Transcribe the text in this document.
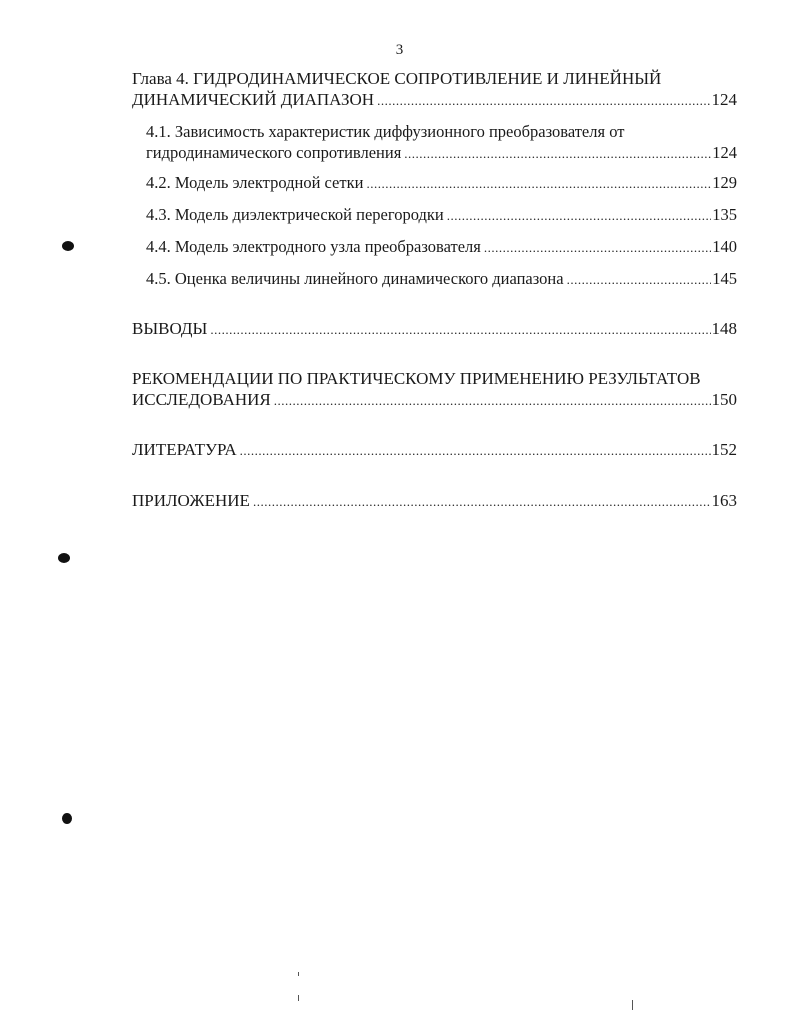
3
Глава 4. ГИДРОДИНАМИЧЕСКОЕ СОПРОТИВЛЕНИЕ И ЛИНЕЙНЫЙ
ДИНАМИЧЕСКИЙ ДИАПАЗОН .....	124
4.1. Зависимость характеристик диффузионного преобразователя от
гидродинамического сопротивления .....	124
4.2. Модель электродной сетки .....	129
4.3. Модель диэлектрической перегородки .....	135
4.4. Модель электродного узла преобразователя .....	140
4.5. Оценка величины линейного динамического диапазона .....	145
ВЫВОДЫ .....	148
РЕКОМЕНДАЦИИ ПО ПРАКТИЧЕСКОМУ ПРИМЕНЕНИЮ РЕЗУЛЬТАТОВ
ИССЛЕДОВАНИЯ .....	150
ЛИТЕРАТУРА .....	152
ПРИЛОЖЕНИЕ .....	163
